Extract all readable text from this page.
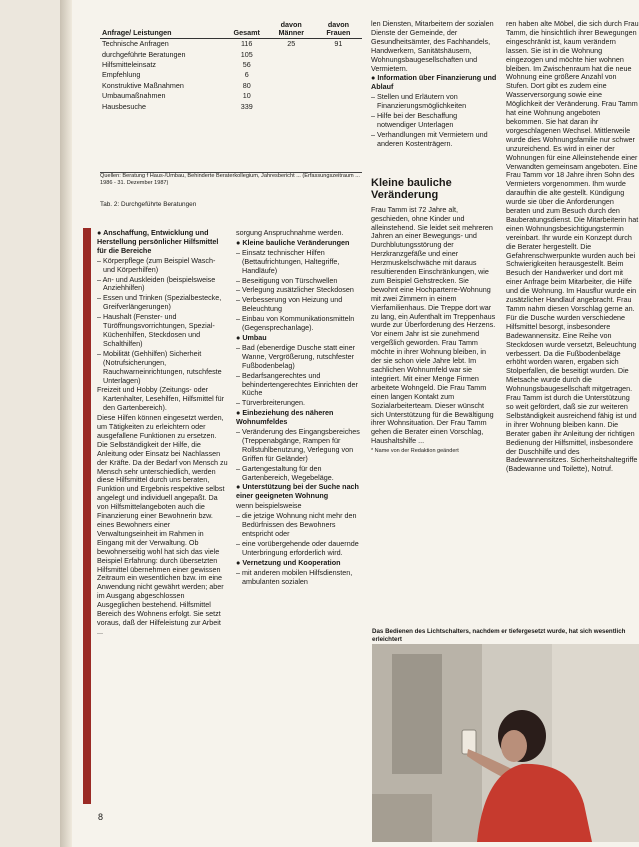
Anfrage/ Leistungen	Gesamt	davon Männer	davon Frauen
Technische Anfragen	116	25	91
durchgeführte Beratungen	105		
Hilfsmitteleinsatz	56		
Empfehlung	6		
Konstruktive Maßnahmen	80		
Umbaumaßnahmen	10		
Hausbesuche	339		
Quellen: Beratung f Haus-/Umbau, Behinderte Beraterkollegium, Jahresbericht ... (Erfassungszeitraum ... 1986 - 31. Dezember 1987)
Tab. 2: Durchgeführte Beratungen

● Anschaffung, Entwicklung und Herstellung persönlicher Hilfsmittel für die Bereiche

– Körperpflege (zum Beispiel Wasch- und Körperhilfen)

– An- und Auskleiden (beispielsweise Anziehhilfen)

– Essen und Trinken (Spezialbestecke, Greifverlängerungen)

– Haushalt (Fenster- und Türöffnungsvorrichtungen, Spezial-Küchenhilfen, Steckdosen und Schalthilfen)

– Mobilität (Gehhilfen) Sicherheit (Notrufsicherungen, Rauchwarneinrichtungen, rutschfeste Unterlagen)

Freizeit und Hobby (Zeitungs- oder Kartenhalter, Lesehilfen, Hilfsmittel für den Gartenbereich).

Diese Hilfen können eingesetzt werden, um Tätigkeiten zu erleichtern oder ausgefallene Funktionen zu ersetzen. Die Selbständigkeit der Hilfe, die Anleitung oder Einsatz bei Nachlassen der Kräfte. Da der Bedarf von Mensch zu Mensch sehr unterschiedlich, werden diese Hilfsmittel durch uns beraten, Funktion und Ergebnis respektive selbst angelegt und individuell angepaßt. Da von Hilfsmittelangeboten auch die Finanzierung einer Bewohnerin bzw. eines Bewohners einer Verwaltungseinheit im Rahmen in Eingang mit der Verwaltung. Ob bewohnerseitig wohl hat sich das viele Beispiel Erfahrung: durch übersetzten Hilfsmittel übernehmen einer gewissen Zeitraum ein wesentlichen bzw. im eine Anwendung nicht gewährt werden; aber im Ausgang abgeschlossen Ausgeglichen bestehend. Hilfsmittel Bereich des Wohnens erfolgt. Sie setzt voraus, daß der Hilfeleistung zur Arbeit ...

sorgung Anspruchnahme werden.

● Kleine bauliche Veränderungen

– Einsatz technischer Hilfen (Bettaufrichtungen, Haltegriffe, Handläufe)

– Beseitigung von Türschwellen

– Verlegung zusätzlicher Steckdosen

– Verbesserung von Heizung und Beleuchtung

– Einbau von Kommunikationsmitteln (Gegensprechanlage).

● Umbau

– Bad (ebenerdige Dusche statt einer Wanne, Vergrößerung, rutschfester Fußbodenbelag)

– Bedarfsangerechtes und behindertengerechtes Einrichten der Küche

– Türverbreiterungen.

● Einbeziehung des näheren Wohnumfeldes

– Veränderung des Eingangsbereiches (Treppenabgänge, Rampen für Rollstuhlbenutzung, Verlegung von Griffen für Geländer)

– Gartengestaltung für den Gartenbereich, Wegebeläge.

● Unterstützung bei der Suche nach einer geeigneten Wohnung

wenn beispielsweise

– die jetzige Wohnung nicht mehr den Bedürfnissen des Bewohners entspricht oder

– eine vorübergehende oder dauernde Unterbringung erforderlich wird.

● Vernetzung und Kooperation

– mit anderen mobilen Hilfsdiensten, ambulanten sozialen

len Diensten, Mitarbeitern der sozialen Dienste der Gemeinde, der Gesundheitsämter, des Fachhandels, Handwerkern, Sanitätshäusern, Wohnungsbaugesellschaften und Vermietern.

● Information über Finanzierung und Ablauf

– Stellen und Erläutern von Finanzierungsmöglichkeiten

– Hilfe bei der Beschaffung notwendiger Unterlagen

– Verhandlungen mit Vermietern und anderen Kostenträgern.

Kleine bauliche Veränderung

Frau Tamm ist 72 Jahre alt, geschieden, ohne Kinder und alleinstehend. Sie leidet seit mehreren Jahren an einer Bewegungs- und Durchblutungsstörung der Herzkranzgefäße und einer Herzmuskelschwäche mit daraus resultierenden Einschränkungen, wie zum Beispiel Gehstrecken. Sie bewohnt eine Hochparterre-Wohnung mit zwei Zimmern in einem Vierfamilienhaus. Die Treppe dort war zu lang, ein Aufenthalt im Treppenhaus wurde zur Überforderung des Herzens. Vor einem Jahr ist sie zunehmend vergeßlich geworden. Frau Tamm möchte in ihrer Wohnung bleiben, in der sie schon viele Jahre lebt. Im sachlichen Wohnumfeld war sie integriert. Mit einer Menge Firmen arbeitete Wohngeld. Die Frau Tamm einen langen Kontakt zum Sozialarbeiterteam. Dieser wünscht sich Unterstützung für die Bewältigung ihrer Wohnsituation. Der Frau Tamm gehen die Berater einen Vorschlag, Haushaltshilfe ...

* Name von der Redaktion geändert

ren haben alte Möbel, die sich durch Frau Tamm, die hinsichtlich ihrer Bewegungen eingeschränkt ist, kaum verändern lassen. Sie ist in die Wohnung eingezogen und möchte hier wohnen bleiben. Im Zwischenraum hat die neue Wohnung eine größere Anzahl von Stufen. Dort gibt es zudem eine Wasserversorgung sowie eine Möglichkeit der Veränderung. Frau Tamm hat eine Wohnung angeboten bekommen. Sie hat daran ihr vorgeschlagenen Wechsel. Mittlerweile wurde dies Wohnungsfamilie nur schwer unzureichend. Es wird in einer der Wohnungen für eine Alleinstehende einer Verwandten gemeinsam angeboten. Eine Frau Tamm vor 18 Jahre ihren Sohn des Vermieters vorgenommen. Ihm wurde daraufhin die alte gestellt. Kündigung wurde sie über die Anforderungen beraten und zum Besuch durch den Bauberatungsdienst. Die Mitarbeiterin hat einen Wohnungsbesichtigungstermin vereinbart. Ihr wurde ein Konzept durch die Berater hergestellt. Die Gefahrenschwerpunkte wurden auch bei Schwierigkeiten herausgestellt. Beim Besuch der Handwerker und dort mit einer Anfrage beim Mitarbeiter, die Hilfe und die Wohnung. Im Hausflur wurde ein zusätzlicher Handlauf angebracht. Frau Tamm nahm diesen Vorschlag gerne an. Für die Dusche wurden verschiedene Hilfsmittel besorgt, insbesondere Badewannensitz. Eine Reihe von Steckdosen wurde versetzt, Beleuchtung verbessert. Da die Fußbodenbeläge erhöht worden waren, ergaben sich Stolperfallen, die beseitigt wurden. Die Mietsache wurde durch die Wohnungsbaugesellschaft mitgetragen. Frau Tamm ist durch die Unterstützung so weit gefördert, daß sie zur weiteren Selbständigkeit ausreichend fähig ist und in ihrer Wohnung bleiben kann. Die Berater gaben ihr Anleitung der richtigen Bedienung der Hilfsmittel, insbesondere der Duschhilfe und des Badewannensitzes. Sicherheitshaltegriffe (Badewanne und Toilette), Notruf.

Das Bedienen des Lichtschalters, nachdem er tiefergesetzt wurde, hat sich wesentlich erleichtert
8
